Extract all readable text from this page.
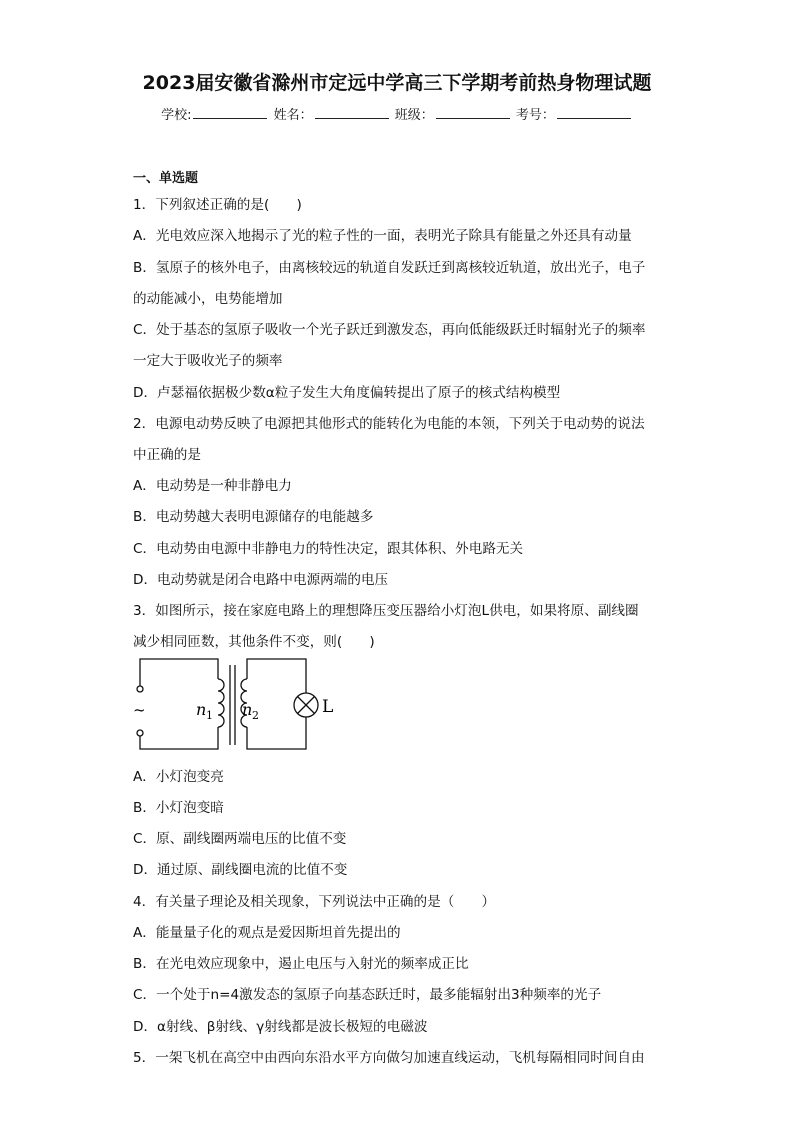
2023届安徽省滁州市定远中学高三下学期考前热身物理试题
学校:	姓名：	班级：	考号：
一、单选题
1．下列叙述正确的是(　　)
A．光电效应深入地揭示了光的粒子性的一面，表明光子除具有能量之外还具有动量
B．氢原子的核外电子，由离核较远的轨道自发跃迁到离核较近轨道，放出光子，电子
的动能减小，电势能增加
C．处于基态的氢原子吸收一个光子跃迁到激发态，再向低能级跃迁时辐射光子的频率
一定大于吸收光子的频率
D．卢瑟福依据极少数α粒子发生大角度偏转提出了原子的核式结构模型
2．电源电动势反映了电源把其他形式的能转化为电能的本领，下列关于电动势的说法
中正确的是
A．电动势是一种非静电力
B．电动势越大表明电源储存的电能越多
C．电动势由电源中非静电力的特性决定，跟其体积、外电路无关
D．电动势就是闭合电路中电源两端的电压
3．如图所示，接在家庭电路上的理想降压变压器给小灯泡L供电，如果将原、副线圈
减少相同匝数，其他条件不变，则(　　)
~	L
n 1 n 2
A．小灯泡变亮
B．小灯泡变暗
C．原、副线圈两端电压的比值不变
D．通过原、副线圈电流的比值不变
4．有关量子理论及相关现象，下列说法中正确的是（　　）
A．能量量子化的观点是爱因斯坦首先提出的
B．在光电效应现象中，遏止电压与入射光的频率成正比
C．一个处于n=4激发态的氢原子向基态跃迁时，最多能辐射出3种频率的光子
D．α射线、β射线、γ射线都是波长极短的电磁波
5．一架飞机在高空中由西向东沿水平方向做匀加速直线运动，飞机每隔相同时间自由
